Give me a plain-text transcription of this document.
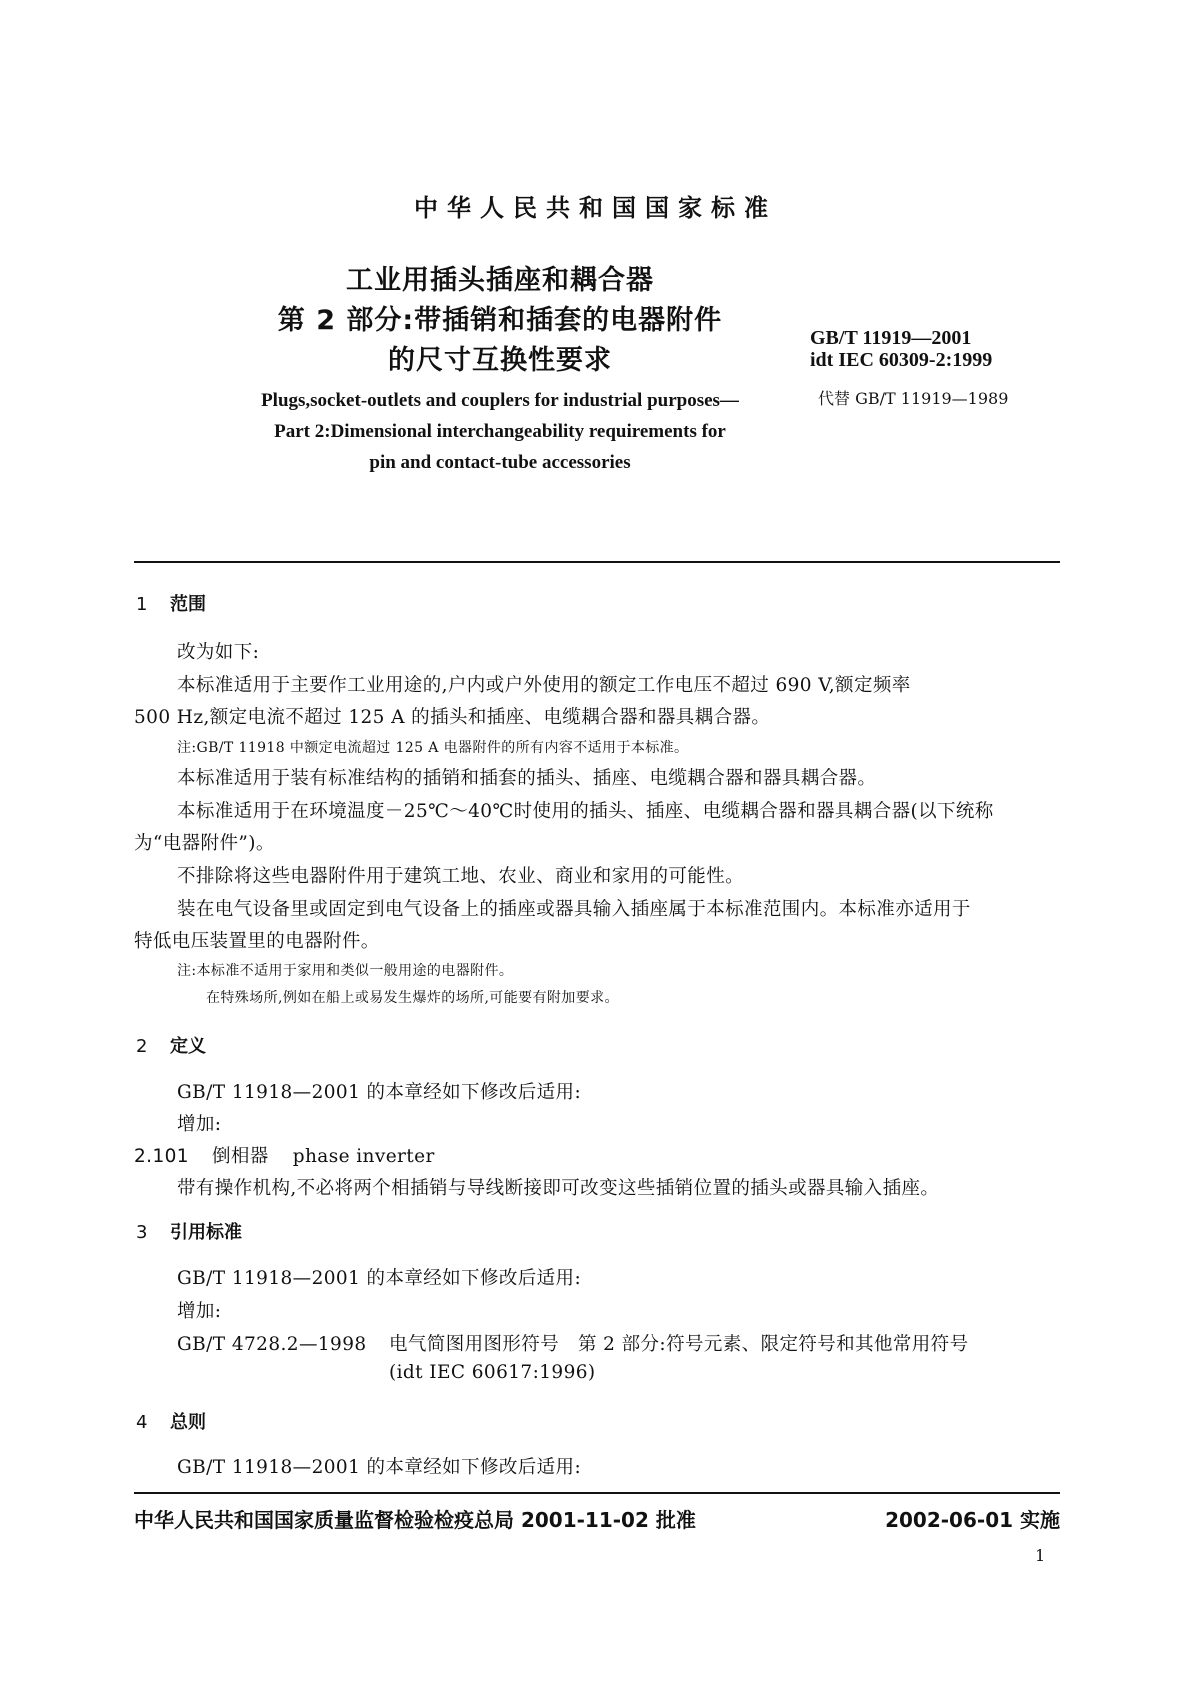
中华人民共和国国家标准
工业用插头插座和耦合器
第 2 部分:带插销和插套的电器附件
的尺寸互换性要求
GB/T 11919—2001
idt IEC 60309-2:1999
代替 GB/T 11919—1989
Plugs,socket-outlets and couplers for industrial purposes—
Part 2:Dimensional interchangeability requirements for
pin and contact-tube accessories
1 范围
改为如下:
本标准适用于主要作工业用途的,户内或户外使用的额定工作电压不超过 690 V,额定频率
500 Hz,额定电流不超过 125 A 的插头和插座、电缆耦合器和器具耦合器。
注:GB/T 11918 中额定电流超过 125 A 电器附件的所有内容不适用于本标准。
本标准适用于装有标准结构的插销和插套的插头、插座、电缆耦合器和器具耦合器。
本标准适用于在环境温度－25℃～40℃时使用的插头、插座、电缆耦合器和器具耦合器(以下统称
为“电器附件”)。
不排除将这些电器附件用于建筑工地、农业、商业和家用的可能性。
装在电气设备里或固定到电气设备上的插座或器具输入插座属于本标准范围内。本标准亦适用于
特低电压装置里的电器附件。
注:本标准不适用于家用和类似一般用途的电器附件。
在特殊场所,例如在船上或易发生爆炸的场所,可能要有附加要求。
2 定义
GB/T 11918—2001 的本章经如下修改后适用:
增加:
2.101 倒相器 phase inverter
带有操作机构,不必将两个相插销与导线断接即可改变这些插销位置的插头或器具输入插座。
3 引用标准
GB/T 11918—2001 的本章经如下修改后适用:
增加:
GB/T 4728.2—1998 电气简图用图形符号　第 2 部分:符号元素、限定符号和其他常用符号
(idt IEC 60617:1996)
4 总则
GB/T 11918—2001 的本章经如下修改后适用:
中华人民共和国国家质量监督检验检疫总局 2001-11-02 批准	2002-06-01 实施
1
